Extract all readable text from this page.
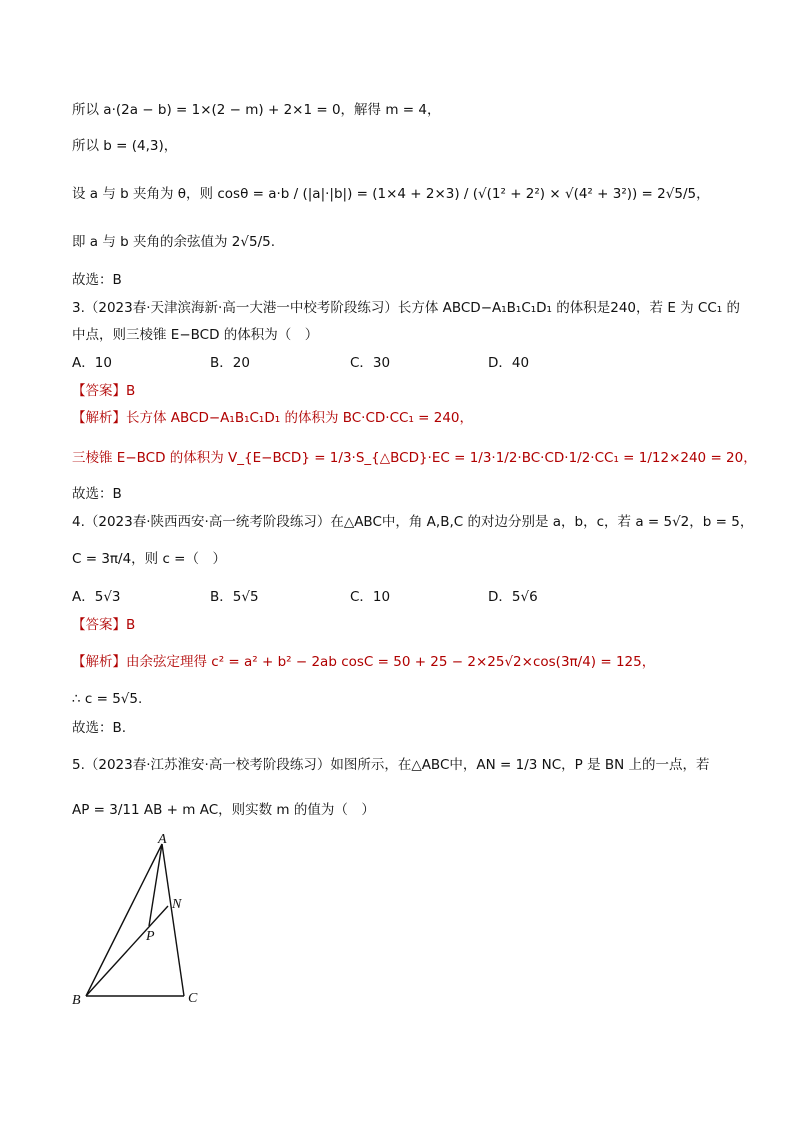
所以 a·(2a − b) = 1×(2 − m) + 2×1 = 0，解得 m = 4，
所以 b = (4,3)，
设 a 与 b 夹角为 θ，则 cosθ = a·b / (|a|·|b|) = (1×4 + 2×3) / (√(1² + 2²) × √(4² + 3²)) = 2√5/5，
即 a 与 b 夹角的余弦值为 2√5/5.
故选：B
3.（2023春·天津滨海新·高一大港一中校考阶段练习）长方体 ABCD−A₁B₁C₁D₁ 的体积是240，若 E 为 CC₁ 的
中点，则三棱锥 E−BCD 的体积为（　）
A．10	B．20	C．30	D．40
【答案】B
【解析】长方体 ABCD−A₁B₁C₁D₁ 的体积为 BC·CD·CC₁ = 240，
三棱锥 E−BCD 的体积为 V_{E−BCD} = 1/3·S_{△BCD}·EC = 1/3·1/2·BC·CD·1/2·CC₁ = 1/12×240 = 20，
故选：B
4.（2023春·陕西西安·高一统考阶段练习）在△ABC中，角 A,B,C 的对边分别是 a，b，c，若 a = 5√2，b = 5，
C = 3π/4，则 c =（　）
A．5√3	B．5√5	C．10	D．5√6
【答案】B
【解析】由余弦定理得 c² = a² + b² − 2ab cosC = 50 + 25 − 2×25√2×cos(3π/4) = 125，
∴ c = 5√5.
故选：B.
5.（2023春·江苏淮安·高一校考阶段练习）如图所示，在△ABC中，AN = 1/3 NC，P 是 BN 上的一点，若
AP = 3/11 AB + m AC，则实数 m 的值为（　）
A
B	C
N
P
